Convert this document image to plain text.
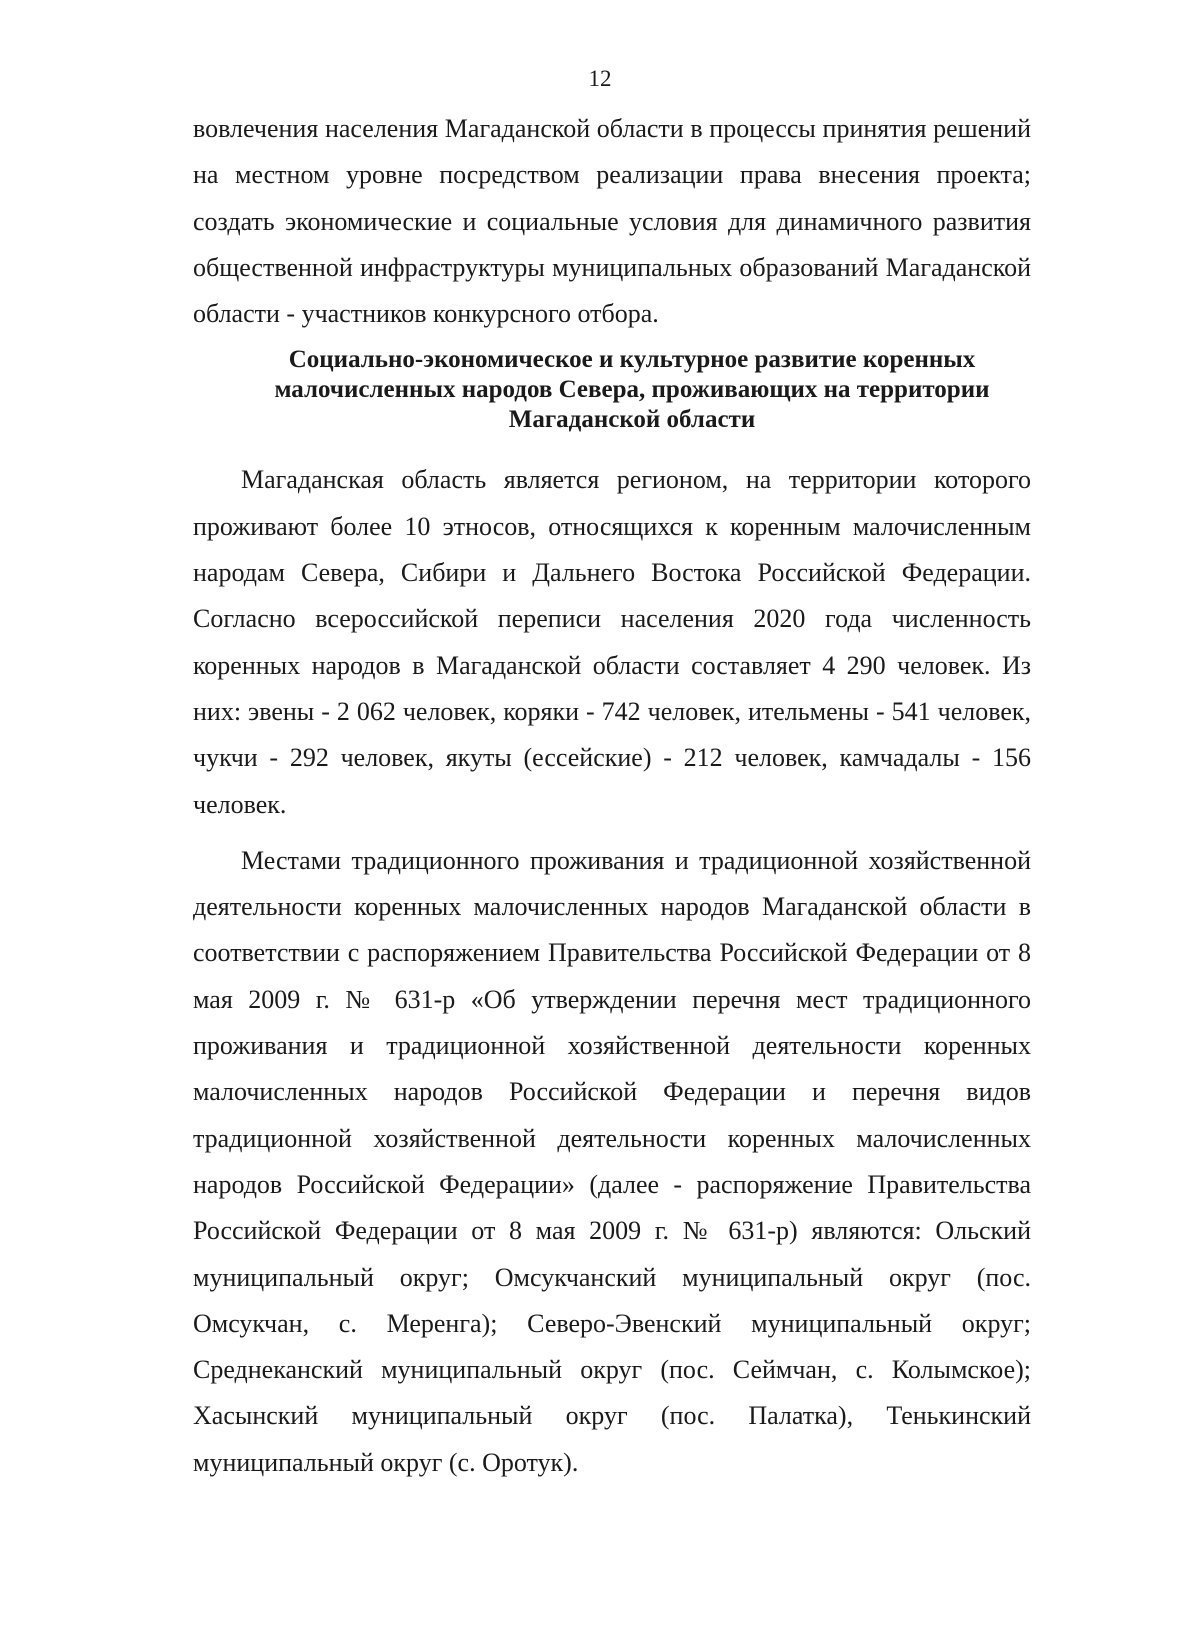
12

вовлечения населения Магаданской области в процессы принятия решений на местном уровне посредством реализации права внесения проекта; создать экономические и социальные условия для динамичного развития общественной инфраструктуры муниципальных образований Магаданской области - участников конкурсного отбора.

Социально-экономическое и культурное развитие коренных
малочисленных народов Севера, проживающих на территории
Магаданской области

Магаданская область является регионом, на территории которого проживают более 10 этносов, относящихся к коренным малочисленным народам Севера, Сибири и Дальнего Востока Российской Федерации. Согласно всероссийской переписи населения 2020 года численность коренных народов в Магаданской области составляет 4 290 человек. Из них: эвены - 2 062 человек, коряки - 742 человек, ительмены - 541 человек, чукчи - 292 человек, якуты (ессейские) - 212 человек, камчадалы - 156 человек.

Местами традиционного проживания и традиционной хозяйственной деятельности коренных малочисленных народов Магаданской области в соответствии с распоряжением Правительства Российской Федерации от 8 мая 2009 г. № 631-р «Об утверждении перечня мест традиционного проживания и традиционной хозяйственной деятельности коренных малочисленных народов Российской Федерации и перечня видов традиционной хозяйственной деятельности коренных малочисленных народов Российской Федерации» (далее - распоряжение Правительства Российской Федерации от 8 мая 2009 г. № 631-р) являются: Ольский муниципальный округ; Омсукчанский муниципальный округ (пос. Омсукчан, с. Меренга); Северо-Эвенский муниципальный округ; Среднеканский муниципальный округ (пос. Сеймчан, с. Колымское); Хасынский муниципальный округ (пос. Палатка), Тенькинский муниципальный округ (с. Оротук).
